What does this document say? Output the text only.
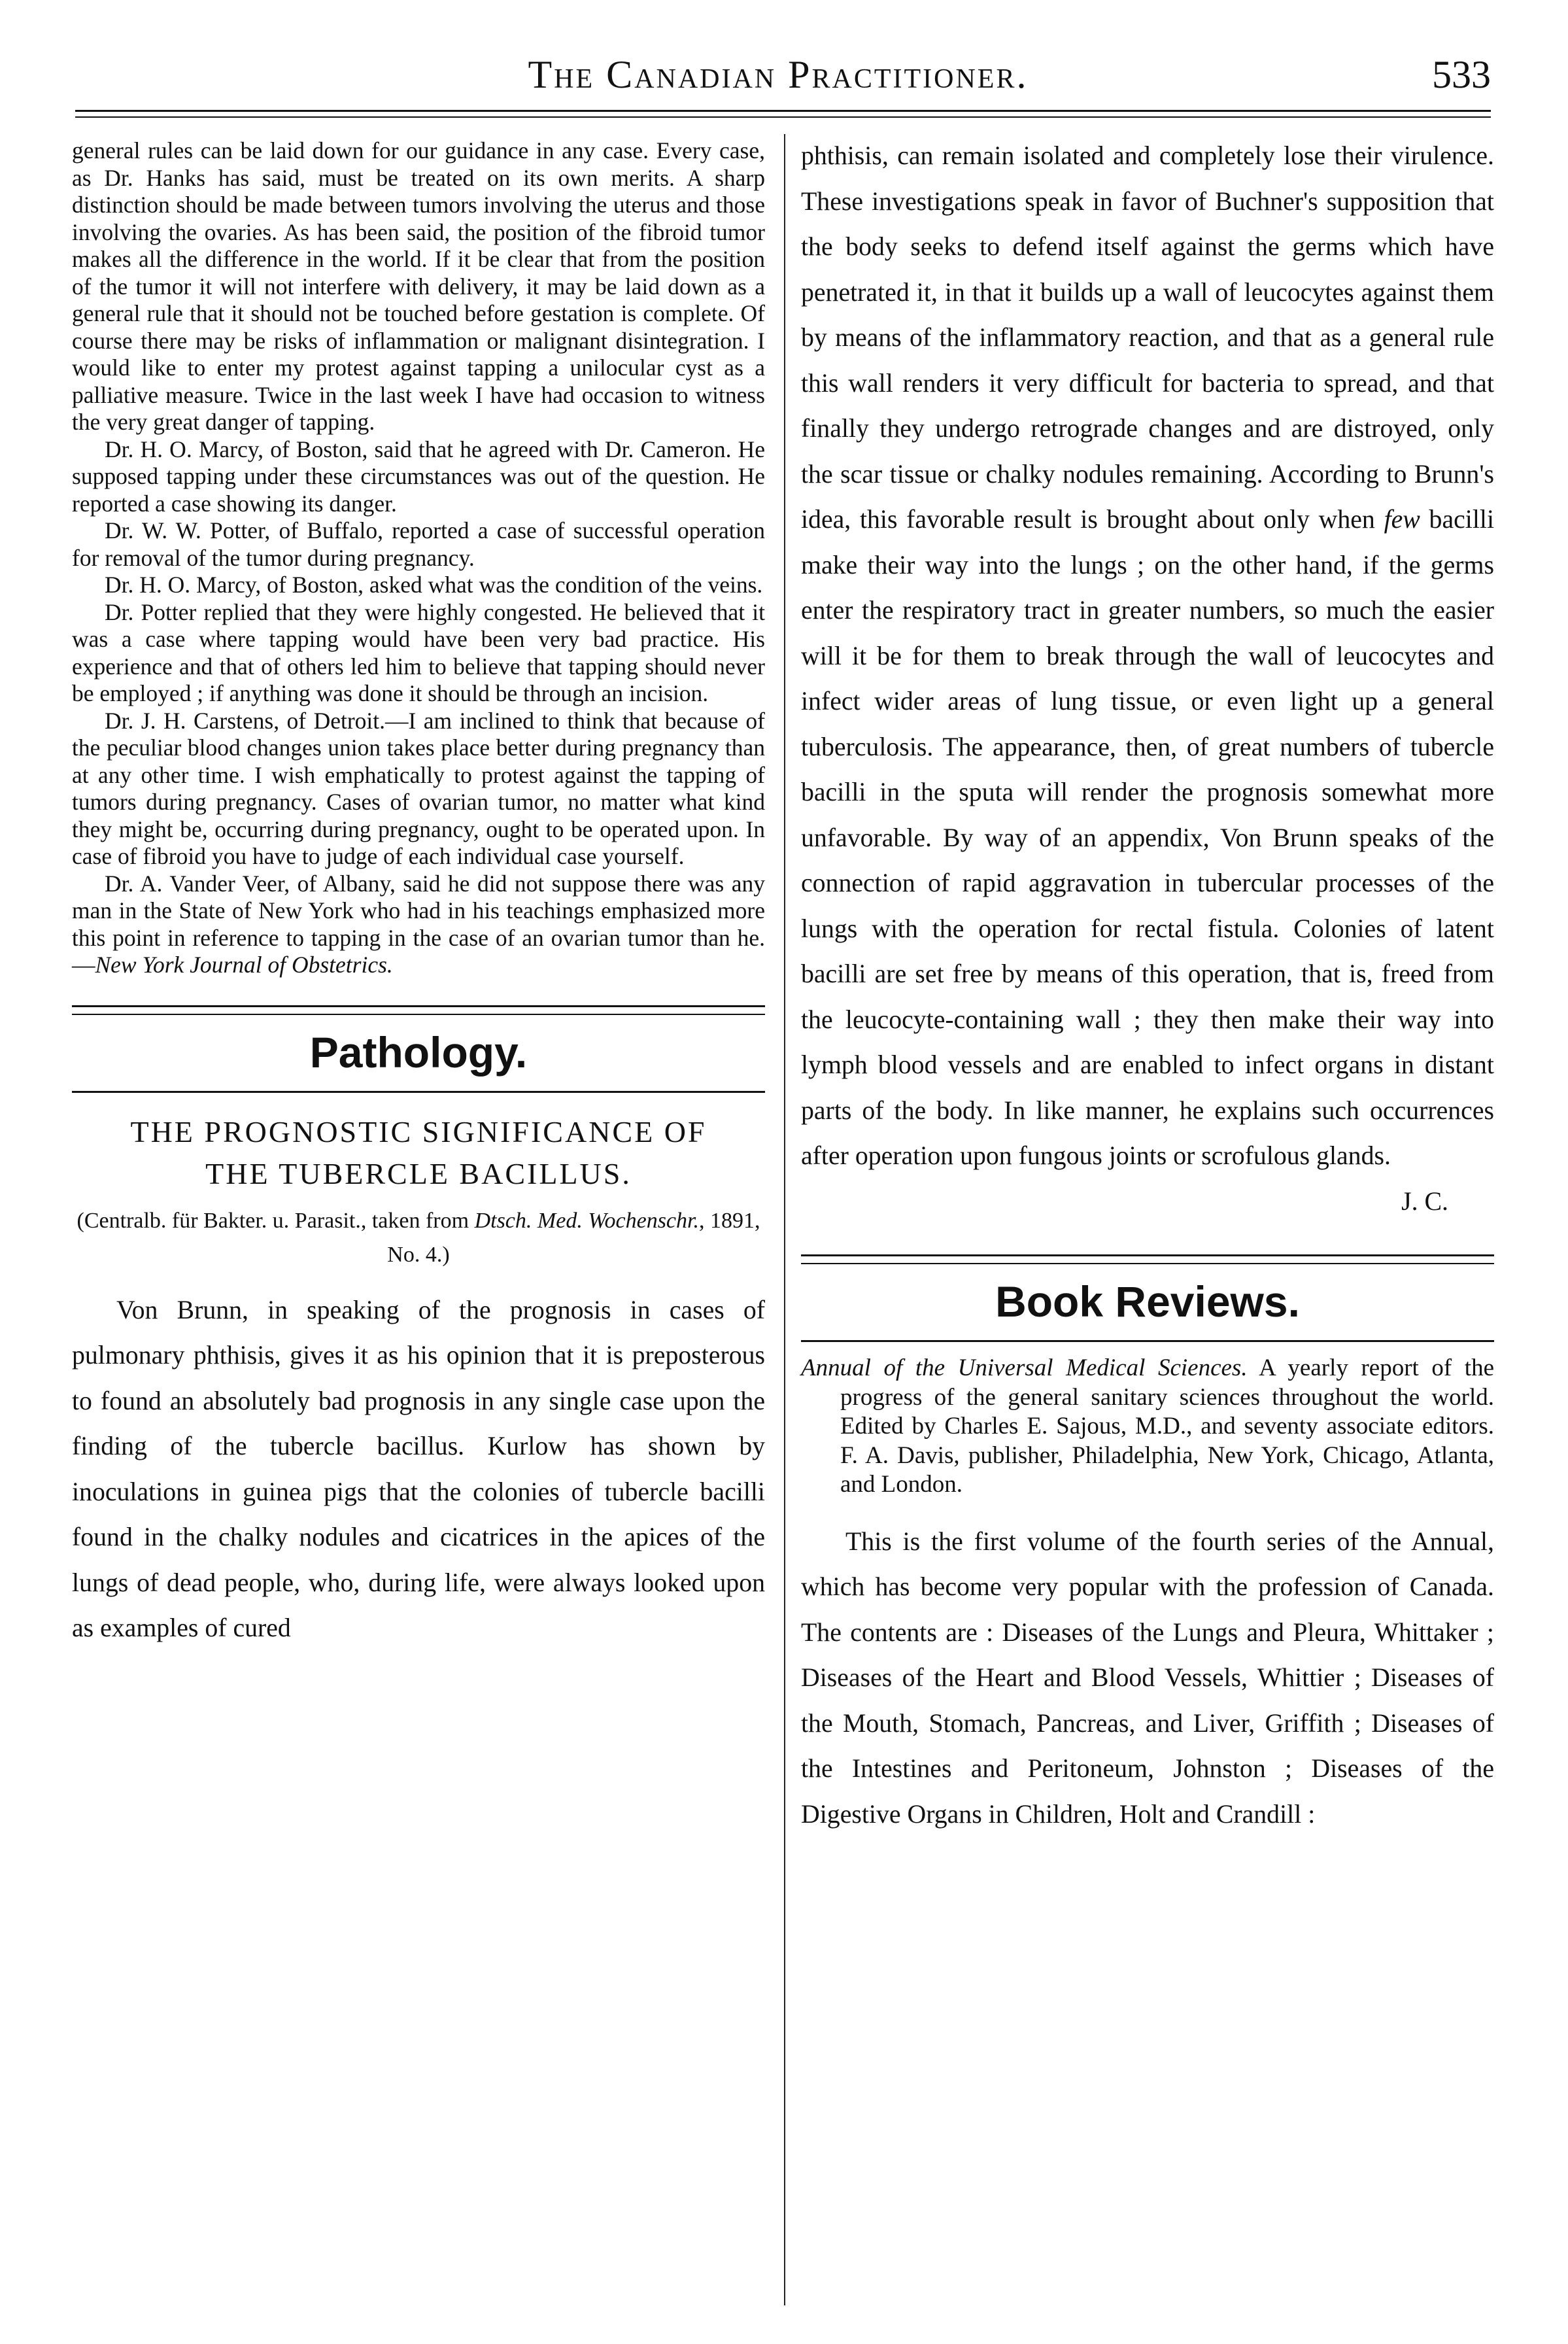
The Canadian Practitioner.	533

general rules can be laid down for our guidance in any case. Every case, as Dr. Hanks has said, must be treated on its own merits. A sharp distinction should be made between tumors involving the uterus and those involving the ovaries. As has been said, the position of the fibroid tumor makes all the difference in the world. If it be clear that from the position of the tumor it will not interfere with delivery, it may be laid down as a general rule that it should not be touched before gestation is complete. Of course there may be risks of inflammation or malignant disintegration. I would like to enter my protest against tapping a unilocular cyst as a palliative measure. Twice in the last week I have had occasion to witness the very great danger of tapping.

Dr. H. O. Marcy, of Boston, said that he agreed with Dr. Cameron. He supposed tapping under these circumstances was out of the question. He reported a case showing its danger.

Dr. W. W. Potter, of Buffalo, reported a case of successful operation for removal of the tumor during pregnancy.

Dr. H. O. Marcy, of Boston, asked what was the condition of the veins.

Dr. Potter replied that they were highly congested. He believed that it was a case where tapping would have been very bad practice. His experience and that of others led him to believe that tapping should never be employed ; if anything was done it should be through an incision.

Dr. J. H. Carstens, of Detroit.—I am inclined to think that because of the peculiar blood changes union takes place better during pregnancy than at any other time. I wish emphatically to protest against the tapping of tumors during pregnancy. Cases of ovarian tumor, no matter what kind they might be, occurring during pregnancy, ought to be operated upon. In case of fibroid you have to judge of each individual case yourself.

Dr. A. Vander Veer, of Albany, said he did not suppose there was any man in the State of New York who had in his teachings emphasized more this point in reference to tapping in the case of an ovarian tumor than he.—New York Journal of Obstetrics.

Pathology.

THE PROGNOSTIC SIGNIFICANCE OF

THE TUBERCLE BACILLUS.

(Centralb. für Bakter. u. Parasit., taken from Dtsch. Med. Wochenschr., 1891, No. 4.)

Von Brunn, in speaking of the prognosis in cases of pulmonary phthisis, gives it as his opinion that it is preposterous to found an absolutely bad prognosis in any single case upon the finding of the tubercle bacillus. Kurlow has shown by inoculations in guinea pigs that the colonies of tubercle bacilli found in the chalky nodules and cicatrices in the apices of the lungs of dead people, who, during life, were always looked upon as examples of cured

phthisis, can remain isolated and completely lose their virulence. These investigations speak in favor of Buchner's supposition that the body seeks to defend itself against the germs which have penetrated it, in that it builds up a wall of leucocytes against them by means of the inflammatory reaction, and that as a general rule this wall renders it very difficult for bacteria to spread, and that finally they undergo retrograde changes and are distroyed, only the scar tissue or chalky nodules remaining. According to Brunn's idea, this favorable result is brought about only when few bacilli make their way into the lungs ; on the other hand, if the germs enter the respiratory tract in greater numbers, so much the easier will it be for them to break through the wall of leucocytes and infect wider areas of lung tissue, or even light up a general tuberculosis. The appearance, then, of great numbers of tubercle bacilli in the sputa will render the prognosis somewhat more unfavorable. By way of an appendix, Von Brunn speaks of the connection of rapid aggravation in tubercular processes of the lungs with the operation for rectal fistula. Colonies of latent bacilli are set free by means of this operation, that is, freed from the leucocyte-containing wall ; they then make their way into lymph blood vessels and are enabled to infect organs in distant parts of the body. In like manner, he explains such occurrences after operation upon fungous joints or scrofulous glands.

J. C.

Book Reviews.

Annual of the Universal Medical Sciences. A yearly report of the progress of the general sanitary sciences throughout the world. Edited by Charles E. Sajous, M.D., and seventy associate editors. F. A. Davis, publisher, Philadelphia, New York, Chicago, Atlanta, and London.

This is the first volume of the fourth series of the Annual, which has become very popular with the profession of Canada. The contents are : Diseases of the Lungs and Pleura, Whittaker ; Diseases of the Heart and Blood Vessels, Whittier ; Diseases of the Mouth, Stomach, Pancreas, and Liver, Griffith ; Diseases of the Intestines and Peritoneum, Johnston ; Diseases of the Digestive Organs in Children, Holt and Crandill :
